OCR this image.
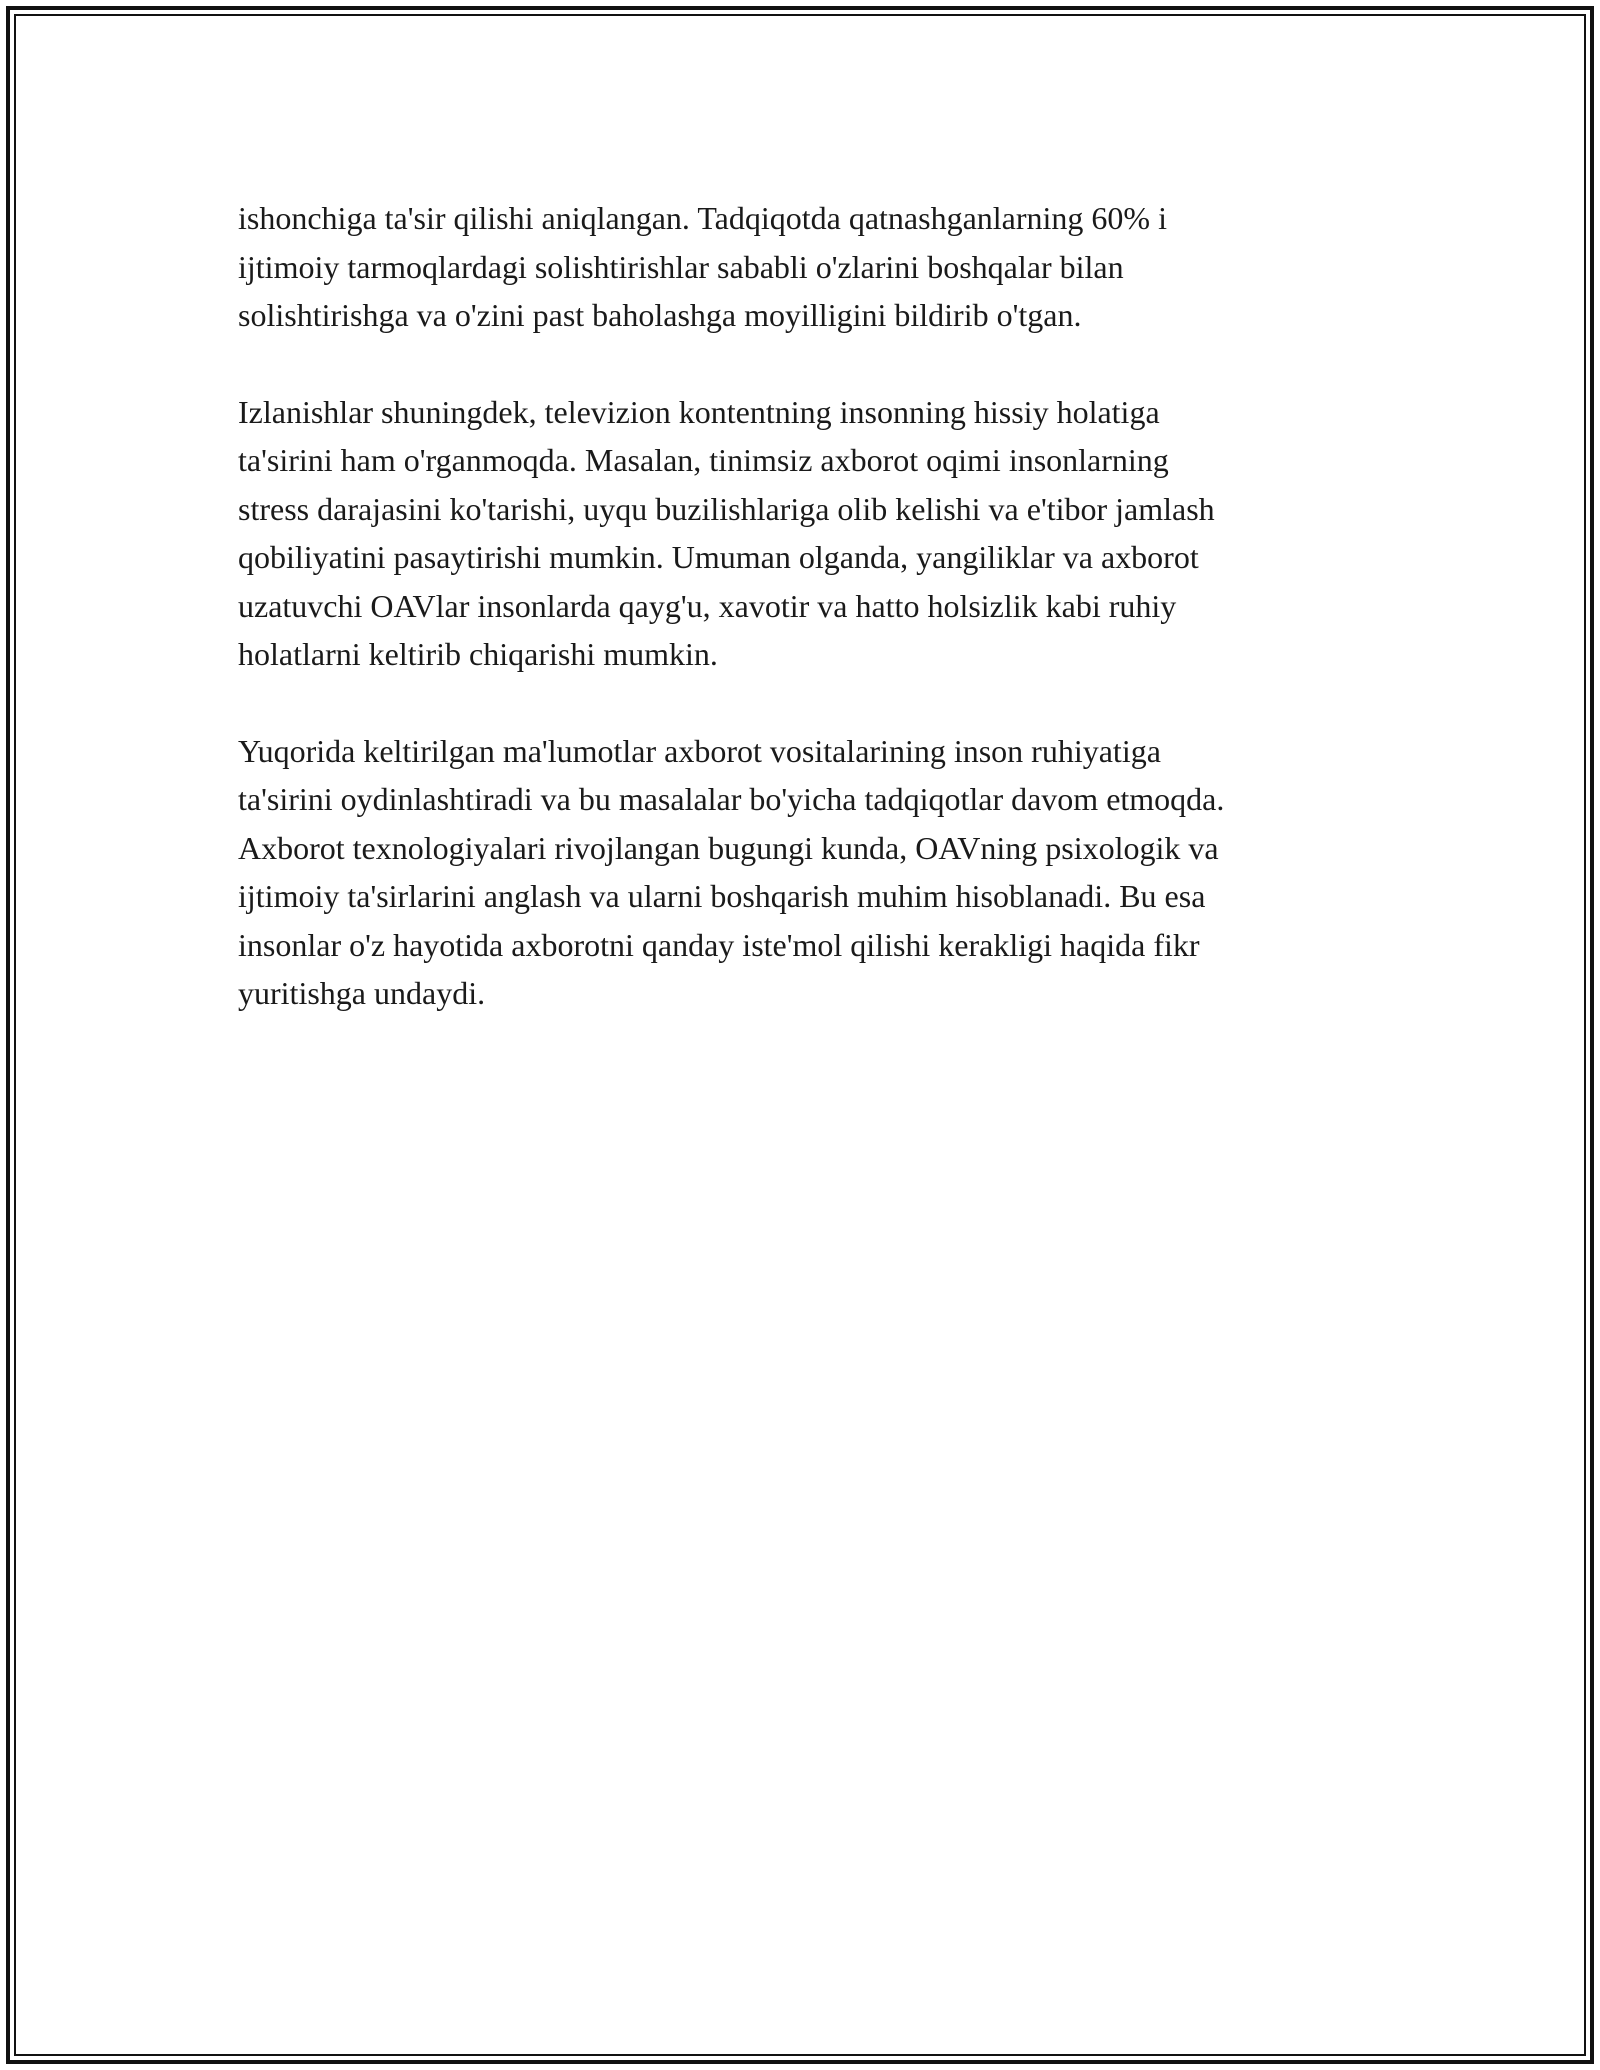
ishonchiga ta'sir qilishi aniqlangan. Tadqiqotda qatnashganlarning 60% i
ijtimoiy tarmoqlardagi solishtirishlar sababli o'zlarini boshqalar bilan
solishtirishga va o'zini past baholashga moyilligini bildirib o'tgan.

Izlanishlar shuningdek, televizion kontentning insonning hissiy holatiga
ta'sirini ham o'rganmoqda. Masalan, tinimsiz axborot oqimi insonlarning
stress darajasini ko'tarishi, uyqu buzilishlariga olib kelishi va e'tibor jamlash
qobiliyatini pasaytirishi mumkin. Umuman olganda, yangiliklar va axborot
uzatuvchi OAVlar insonlarda qayg'u, xavotir va hatto holsizlik kabi ruhiy
holatlarni keltirib chiqarishi mumkin.

Yuqorida keltirilgan ma'lumotlar axborot vositalarining inson ruhiyatiga
ta'sirini oydinlashtiradi va bu masalalar bo'yicha tadqiqotlar davom etmoqda.
Axborot texnologiyalari rivojlangan bugungi kunda, OAVning psixologik va
ijtimoiy ta'sirlarini anglash va ularni boshqarish muhim hisoblanadi. Bu esa
insonlar o'z hayotida axborotni qanday iste'mol qilishi kerakligi haqida fikr
yuritishga undaydi.
